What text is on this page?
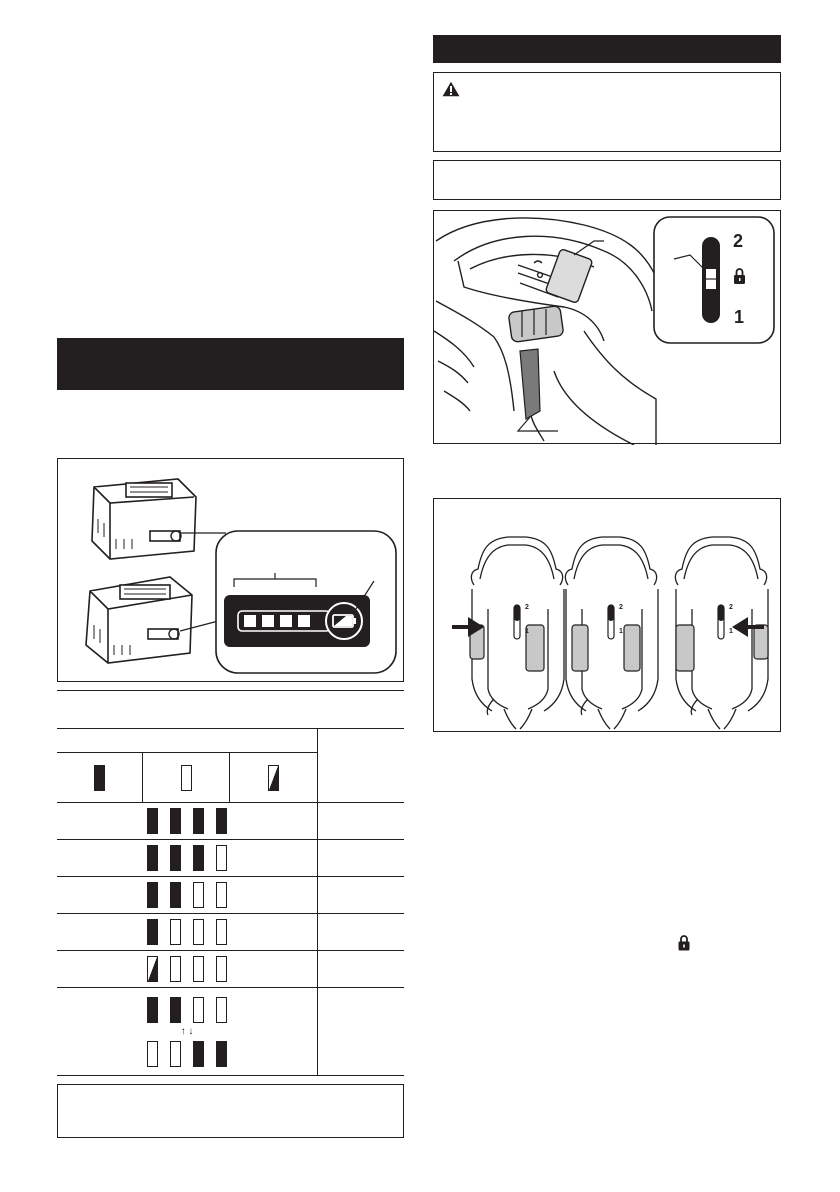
↑ ↓			

2
1
2
1
2
1
2
1
